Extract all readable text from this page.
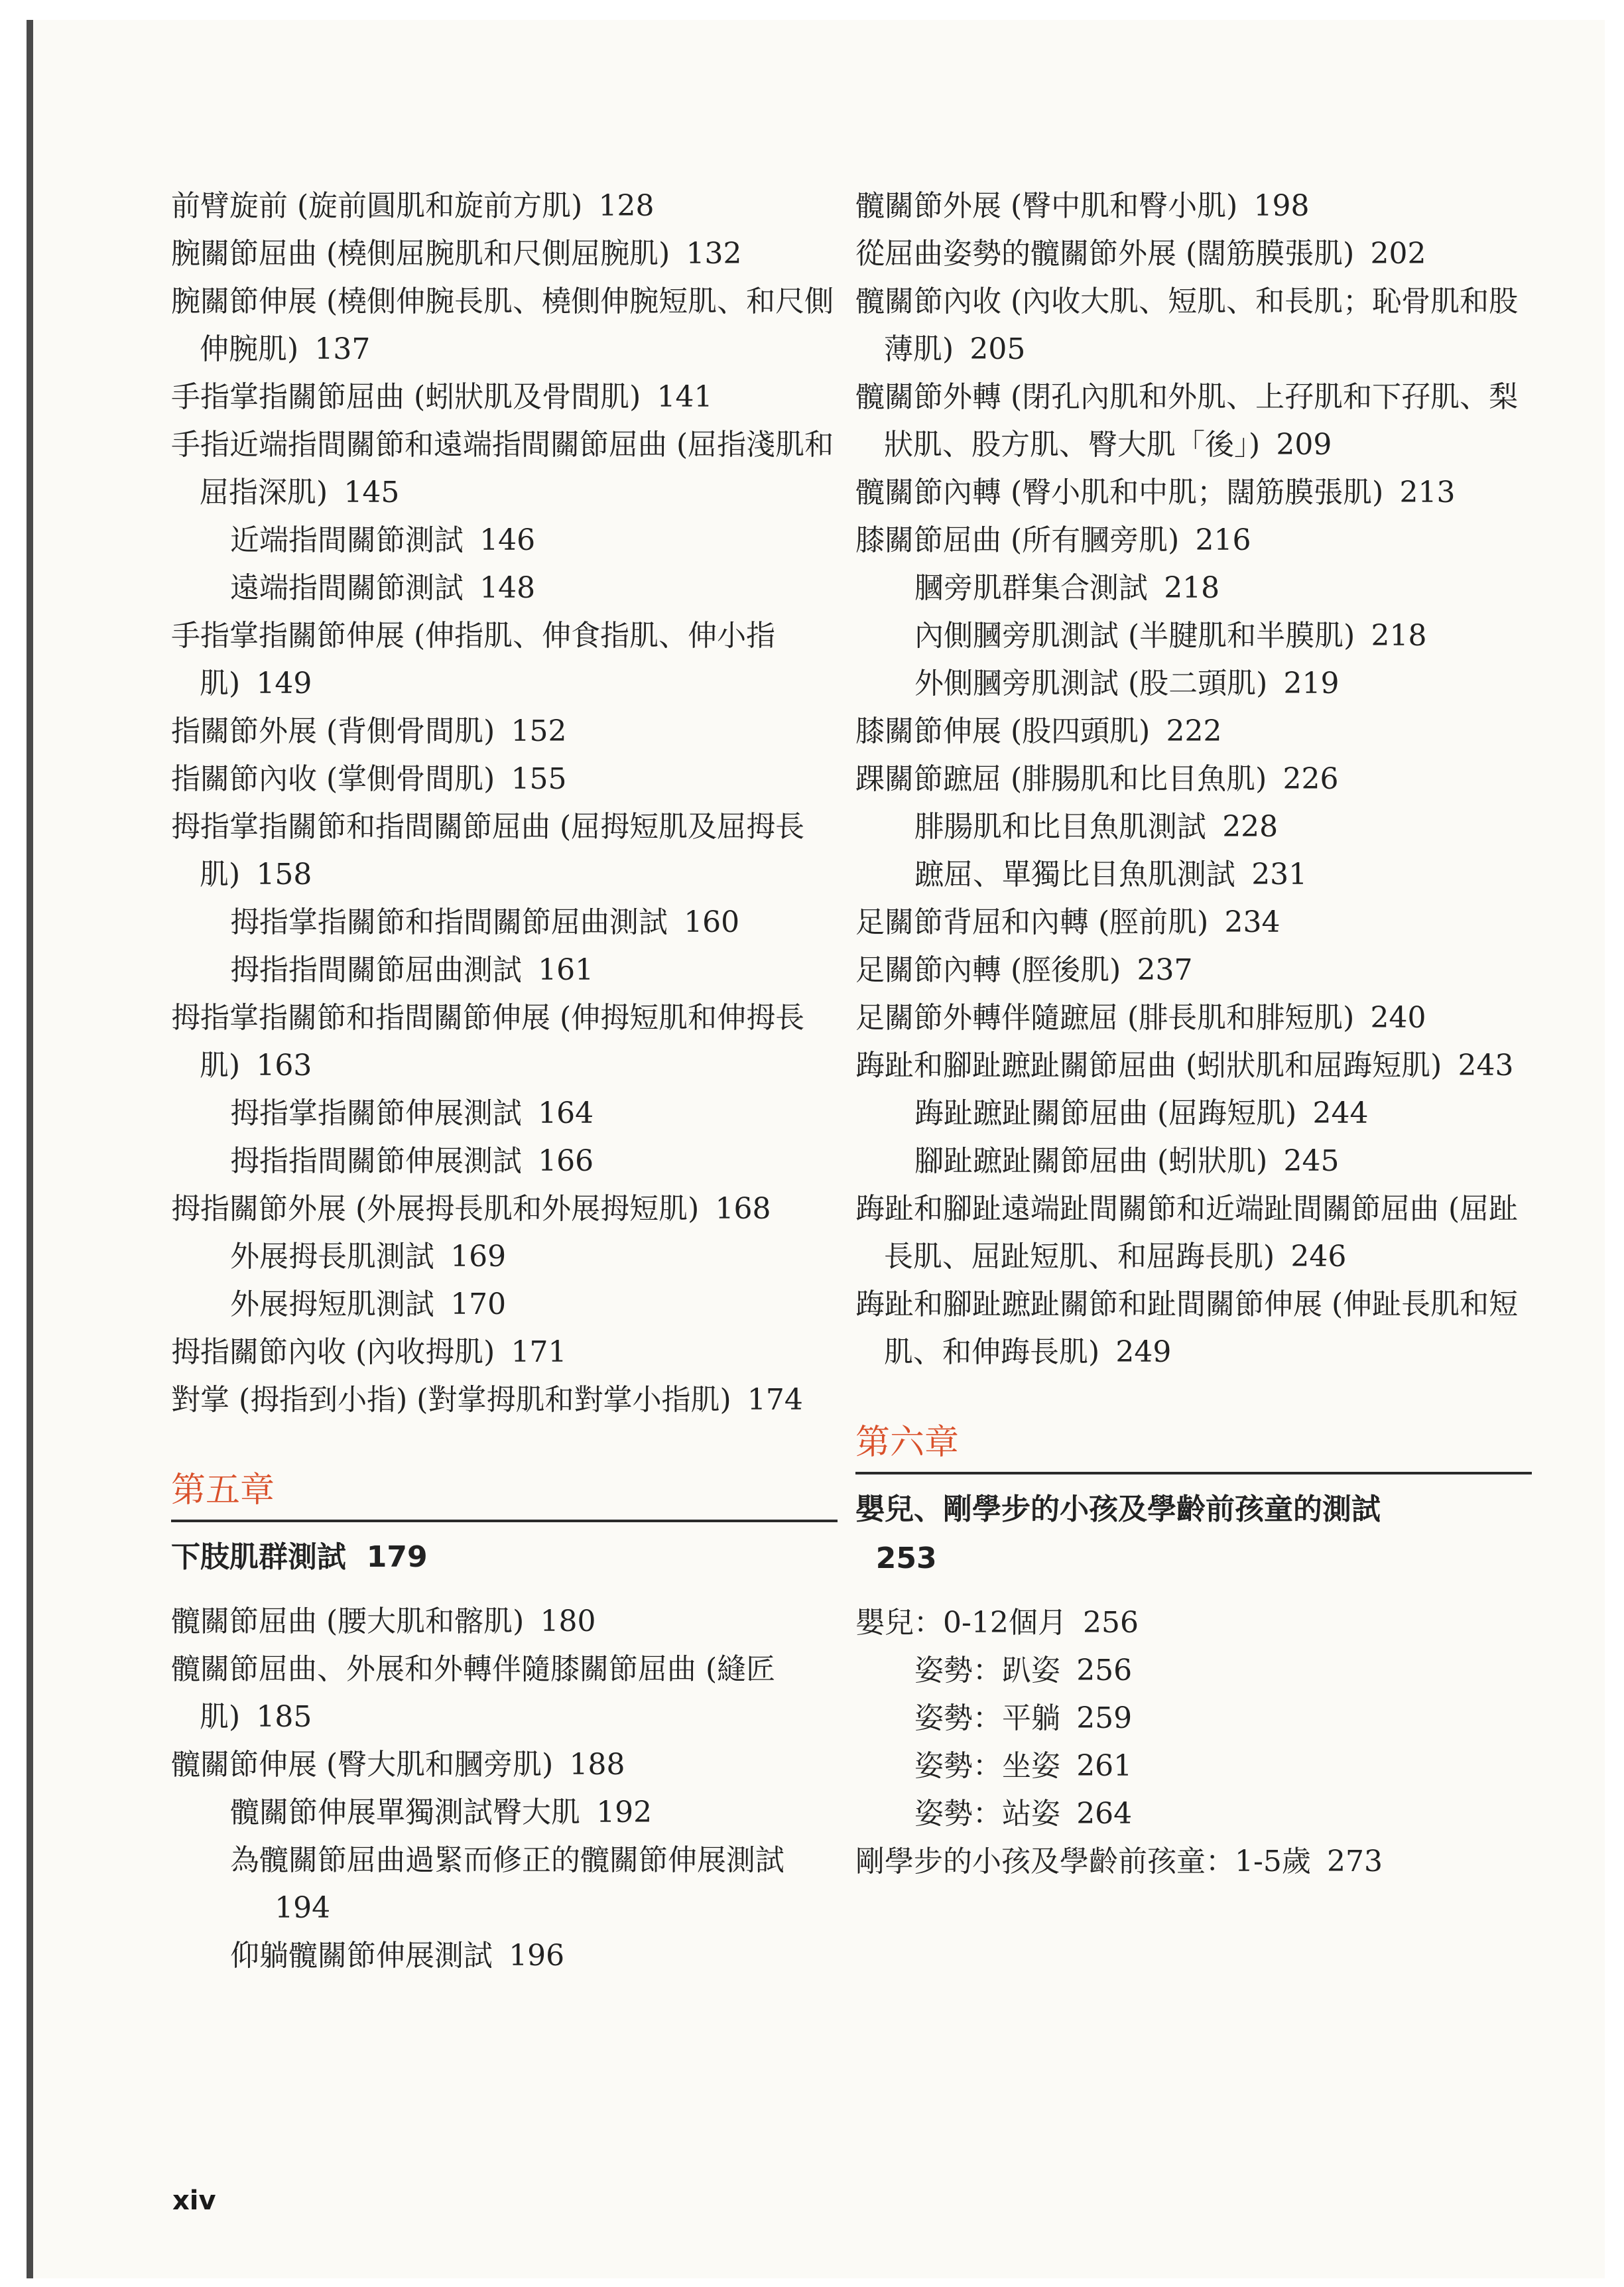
前臂旋前 (旋前圓肌和旋前方肌) 128
腕關節屈曲 (橈側屈腕肌和尺側屈腕肌) 132
腕關節伸展 (橈側伸腕長肌、橈側伸腕短肌、和尺側伸腕肌) 137
手指掌指關節屈曲 (蚓狀肌及骨間肌) 141
手指近端指間關節和遠端指間關節屈曲 (屈指淺肌和屈指深肌) 145
近端指間關節測試 146
遠端指間關節測試 148
手指掌指關節伸展 (伸指肌、伸食指肌、伸小指肌) 149
指關節外展 (背側骨間肌) 152
指關節內收 (掌側骨間肌) 155
拇指掌指關節和指間關節屈曲 (屈拇短肌及屈拇長肌) 158
拇指掌指關節和指間關節屈曲測試 160
拇指指間關節屈曲測試 161
拇指掌指關節和指間關節伸展 (伸拇短肌和伸拇長肌) 163
拇指掌指關節伸展測試 164
拇指指間關節伸展測試 166
拇指關節外展 (外展拇長肌和外展拇短肌) 168
外展拇長肌測試 169
外展拇短肌測試 170
拇指關節內收 (內收拇肌) 171
對掌 (拇指到小指) (對掌拇肌和對掌小指肌) 174
第五章
下肢肌群測試 179
髖關節屈曲 (腰大肌和髂肌) 180
髖關節屈曲、外展和外轉伴隨膝關節屈曲 (縫匠肌) 185
髖關節伸展 (臀大肌和膕旁肌) 188
髖關節伸展單獨測試臀大肌 192
為髖關節屈曲過緊而修正的髖關節伸展測試194
仰躺髖關節伸展測試 196
髖關節外展 (臀中肌和臀小肌) 198
從屈曲姿勢的髖關節外展 (闊筋膜張肌) 202
髖關節內收 (內收大肌、短肌、和長肌；恥骨肌和股薄肌) 205
髖關節外轉 (閉孔內肌和外肌、上孖肌和下孖肌、梨狀肌、股方肌、臀大肌「後」) 209
髖關節內轉 (臀小肌和中肌；闊筋膜張肌) 213
膝關節屈曲 (所有膕旁肌) 216
膕旁肌群集合測試 218
內側膕旁肌測試 (半腱肌和半膜肌) 218
外側膕旁肌測試 (股二頭肌) 219
膝關節伸展 (股四頭肌) 222
踝關節蹠屈 (腓腸肌和比目魚肌) 226
腓腸肌和比目魚肌測試 228
蹠屈、單獨比目魚肌測試 231
足關節背屈和內轉 (脛前肌) 234
足關節內轉 (脛後肌) 237
足關節外轉伴隨蹠屈 (腓長肌和腓短肌) 240
踇趾和腳趾蹠趾關節屈曲 (蚓狀肌和屈踇短肌) 243
踇趾蹠趾關節屈曲 (屈踇短肌) 244
腳趾蹠趾關節屈曲 (蚓狀肌) 245
踇趾和腳趾遠端趾間關節和近端趾間關節屈曲 (屈趾長肌、屈趾短肌、和屈踇長肌) 246
踇趾和腳趾蹠趾關節和趾間關節伸展 (伸趾長肌和短肌、和伸踇長肌) 249
第六章
嬰兒、剛學步的小孩及學齡前孩童的測試253
嬰兒：0-12個月 256
姿勢：趴姿 256
姿勢：平躺 259
姿勢：坐姿 261
姿勢：站姿 264
剛學步的小孩及學齡前孩童：1-5歲 273
xiv
